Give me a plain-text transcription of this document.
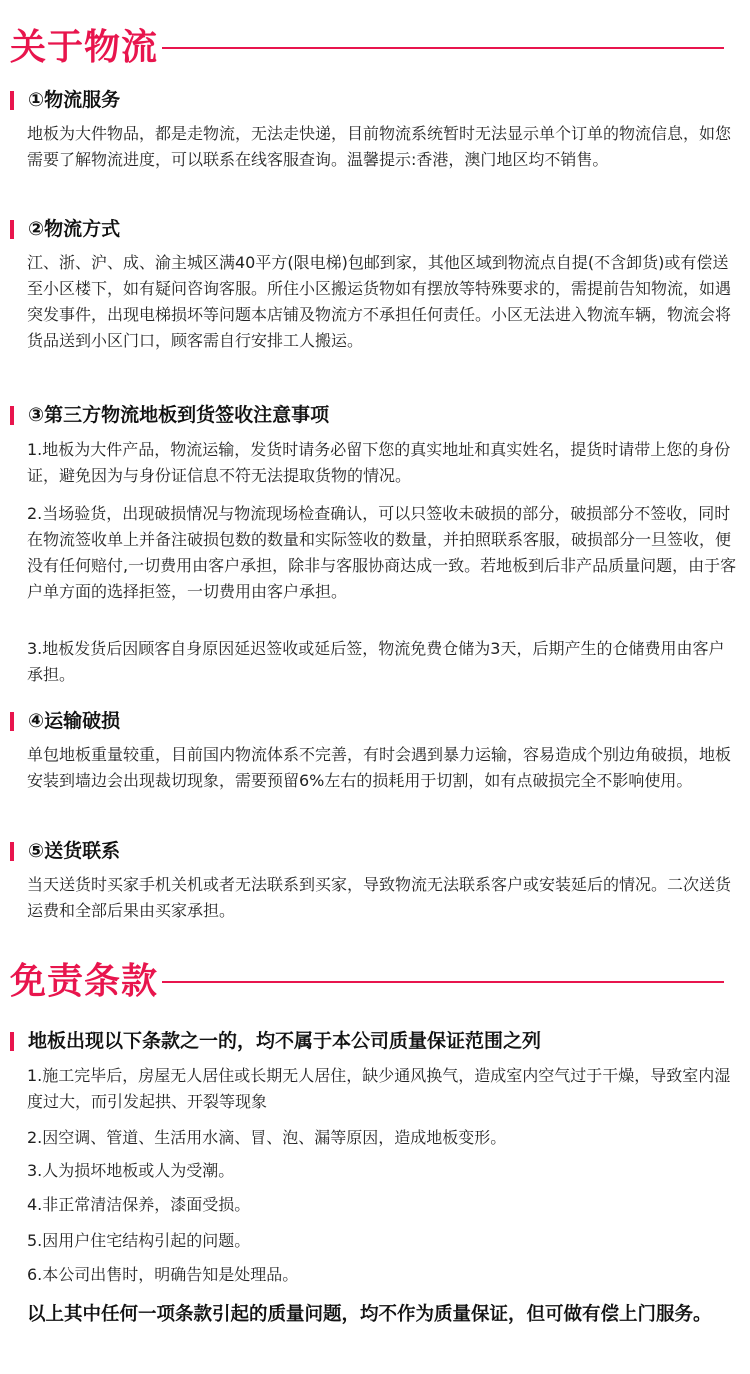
关于物流
①物流服务

地板为大件物品，都是走物流，无法走快递，目前物流系统暂时无法显示单个订单的物流信息，如您需要了解物流进度，可以联系在线客服查询。温馨提示:香港，澳门地区均不销售。

②物流方式

江、浙、沪、成、渝主城区满40平方(限电梯)包邮到家，其他区域到物流点自提(不含卸货)或有偿送至小区楼下，如有疑问咨询客服。所住小区搬运货物如有摆放等特殊要求的，需提前告知物流，如遇突发事件，出现电梯损坏等问题本店铺及物流方不承担任何责任。小区无法进入物流车辆，物流会将货品送到小区门口，顾客需自行安排工人搬运。

③第三方物流地板到货签收注意事项

1.地板为大件产品，物流运输，发货时请务必留下您的真实地址和真实姓名，提货时请带上您的身份证，避免因为与身份证信息不符无法提取货物的情况。

2.当场验货，出现破损情况与物流现场检查确认，可以只签收未破损的部分，破损部分不签收，同时在物流签收单上并备注破损包数的数量和实际签收的数量，并拍照联系客服，破损部分一旦签收，便没有任何赔付,一切费用由客户承担，除非与客服协商达成一致。若地板到后非产品质量问题，由于客户单方面的选择拒签，一切费用由客户承担。

3.地板发货后因顾客自身原因延迟签收或延后签，物流免费仓储为3天，后期产生的仓储费用由客户承担。

④运输破损

单包地板重量较重，目前国内物流体系不完善，有时会遇到暴力运输，容易造成个别边角破损，地板安装到墙边会出现裁切现象，需要预留6%左右的损耗用于切割，如有点破损完全不影响使用。

⑤送货联系

当天送货时买家手机关机或者无法联系到买家，导致物流无法联系客户或安装延后的情况。二次送货运费和全部后果由买家承担。

免责条款
地板出现以下条款之一的，均不属于本公司质量保证范围之列

1.施工完毕后，房屋无人居住或长期无人居住，缺少通风换气，造成室内空气过于干燥，导致室内湿度过大，而引发起拱、开裂等现象

2.因空调、管道、生活用水滴、冒、泡、漏等原因，造成地板变形。

3.人为损坏地板或人为受潮。

4.非正常清洁保养，漆面受损。

5.因用户住宅结构引起的问题。

6.本公司出售时，明确告知是处理品。

以上其中任何一项条款引起的质量问题，均不作为质量保证，但可做有偿上门服务。
